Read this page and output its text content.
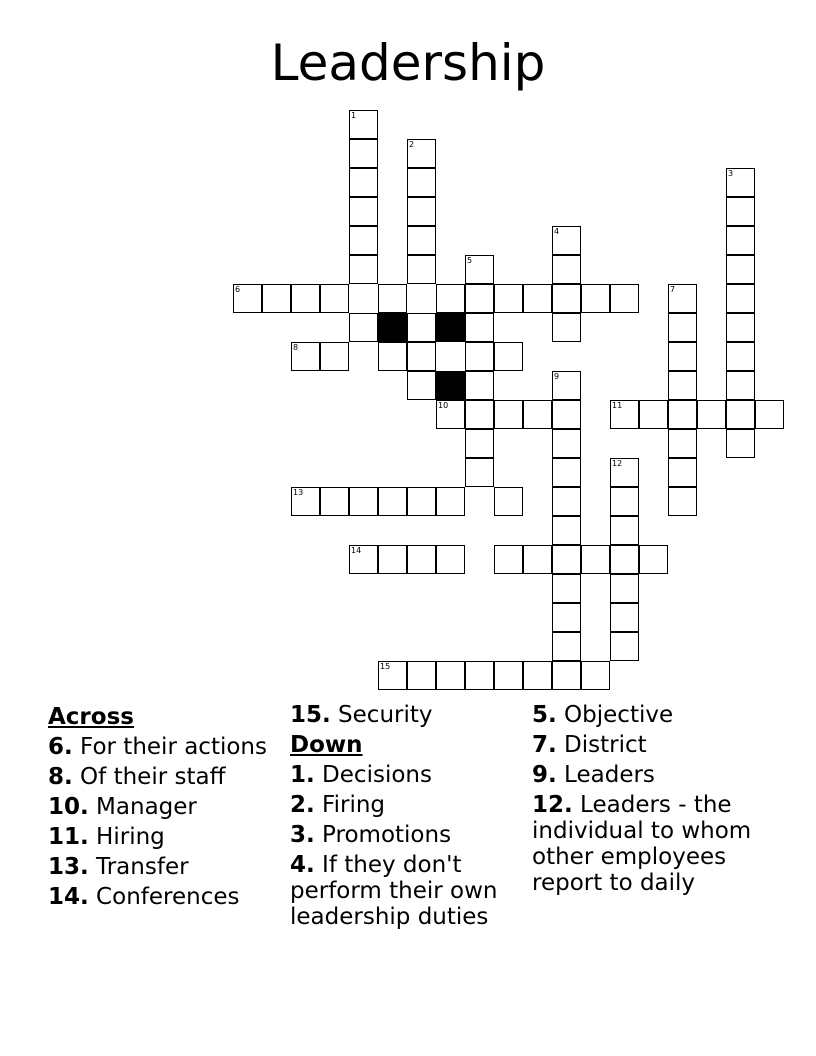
Leadership
1
2
3
4
5
6	7
8
9
10	11
12
13
14
15
Across
6. For their actions
8. Of their staff
10. Manager
11. Hiring
13. Transfer
14. Conferences
15. Security
Down
1. Decisions
2. Firing
3. Promotions
4. If they don't perform their own leadership duties
5. Objective
7. District
9. Leaders
12. Leaders - the individual to whom other employees report to daily
